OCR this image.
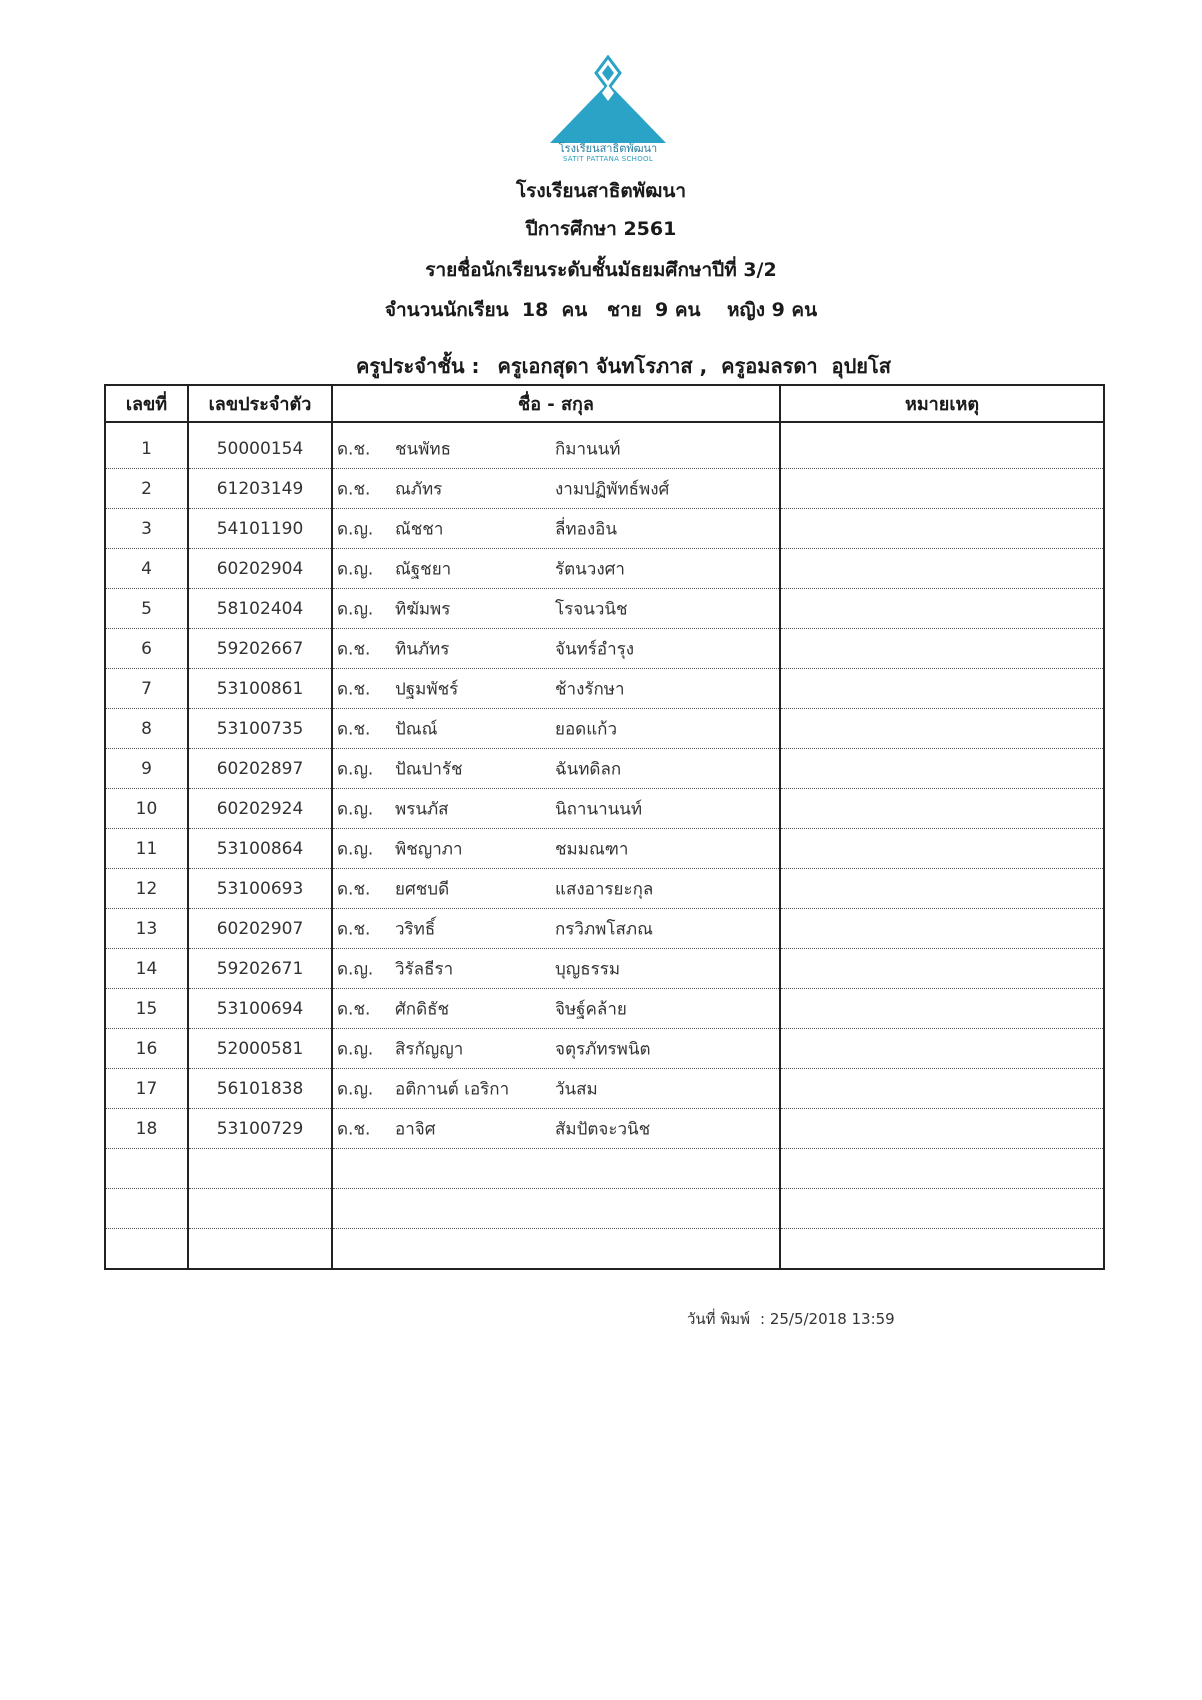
โรงเรียนสาธิตพัฒนา
SATIT PATTANA SCHOOL
โรงเรียนสาธิตพัฒนา
ปีการศึกษา 2561
รายชื่อนักเรียนระดับชั้นมัธยมศึกษาปีที่ 3/2
จำนวนนักเรียน  18  คน   ชาย  9 คน    หญิง 9 คน
ครูประจำชั้น : ครูเอกสุดา จันทโรภาส ,  ครูอมลรดา  อุปยโส
เลขที่	เลขประจำตัว	ชื่อ - สกุล	หมายเหตุ

1	50000154	ด.ช. ชนพัทธ กิมานนท์	

2	61203149	ด.ช. ณภัทร งามปฏิพัทธ์พงศ์	

3	54101190	ด.ญ. ณัชชา ลี่ทองอิน	

4	60202904	ด.ญ. ณัฐชยา รัตนวงศา	

5	58102404	ด.ญ. ทิฆัมพร โรจนวนิช	

6	59202667	ด.ช. ทินภัทร จันทร์อำรุง	

7	53100861	ด.ช. ปฐมพัชร์ ช้างรักษา	

8	53100735	ด.ช. ปัณณ์ ยอดแก้ว	

9	60202897	ด.ญ. ปัณปารัช ฉันทดิลก	

10	60202924	ด.ญ. พรนภัส นิถานานนท์	

11	53100864	ด.ญ. พิชญาภา ชมมณฑา	

12	53100693	ด.ช. ยศชบดี แสงอารยะกุล	

13	60202907	ด.ช. วริทธิ์ กรวิภพโสภณ	

14	59202671	ด.ญ. วิรัลธีรา บุญธรรม	

15	53100694	ด.ช. ศักดิธัช จิษฐ์คล้าย	

16	52000581	ด.ญ. สิรกัญญา จตุรภัทรพนิต	

17	56101838	ด.ญ. อติกานต์ เอริกา วันสม	

18	53100729	ด.ช. อาจิศ สัมปัตจะวนิช	

วันที่ พิมพ์ : 25/5/2018 13:59
